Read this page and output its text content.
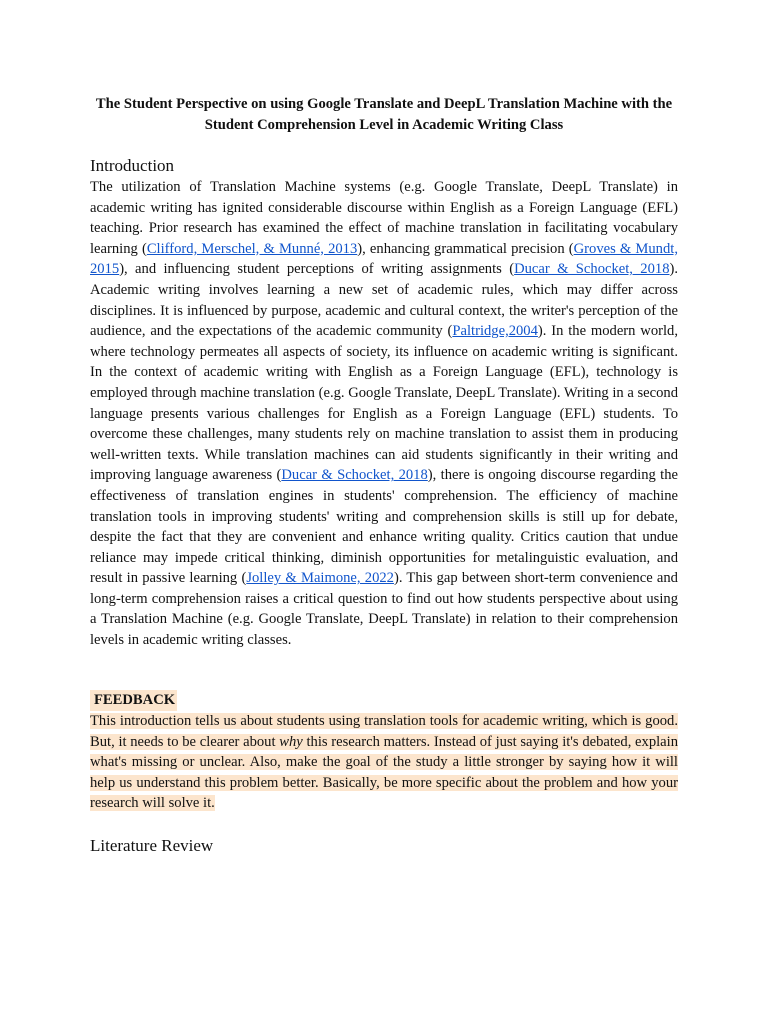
The Student Perspective on using Google Translate and DeepL Translation Machine with the Student Comprehension Level in Academic Writing Class
Introduction

The utilization of Translation Machine systems (e.g. Google Translate, DeepL Translate) in academic writing has ignited considerable discourse within English as a Foreign Language (EFL) teaching. Prior research has examined the effect of machine translation in facilitating vocabulary learning (Clifford, Merschel, & Munné, 2013), enhancing grammatical precision (Groves & Mundt, 2015), and influencing student perceptions of writing assignments (Ducar & Schocket, 2018). Academic writing involves learning a new set of academic rules, which may differ across disciplines. It is influenced by purpose, academic and cultural context, the writer's perception of the audience, and the expectations of the academic community (Paltridge,2004). In the modern world, where technology permeates all aspects of society, its influence on academic writing is significant. In the context of academic writing with English as a Foreign Language (EFL), technology is employed through machine translation (e.g. Google Translate, DeepL Translate). Writing in a second language presents various challenges for English as a Foreign Language (EFL) students. To overcome these challenges, many students rely on machine translation to assist them in producing well-written texts. While translation machines can aid students significantly in their writing and improving language awareness (Ducar & Schocket, 2018), there is ongoing discourse regarding the effectiveness of translation engines in students' comprehension. The efficiency of machine translation tools in improving students' writing and comprehension skills is still up for debate, despite the fact that they are convenient and enhance writing quality. Critics caution that undue reliance may impede critical thinking, diminish opportunities for metalinguistic evaluation, and result in passive learning (Jolley & Maimone, 2022). This gap between short-term convenience and long-term comprehension raises a critical question to find out how students perspective about using a Translation Machine (e.g. Google Translate, DeepL Translate) in relation to their comprehension levels in academic writing classes.

FEEDBACK

This introduction tells us about students using translation tools for academic writing, which is good. But, it needs to be clearer about why this research matters. Instead of just saying it's debated, explain what's missing or unclear. Also, make the goal of the study a little stronger by saying how it will help us understand this problem better. Basically, be more specific about the problem and how your research will solve it.

Literature Review
